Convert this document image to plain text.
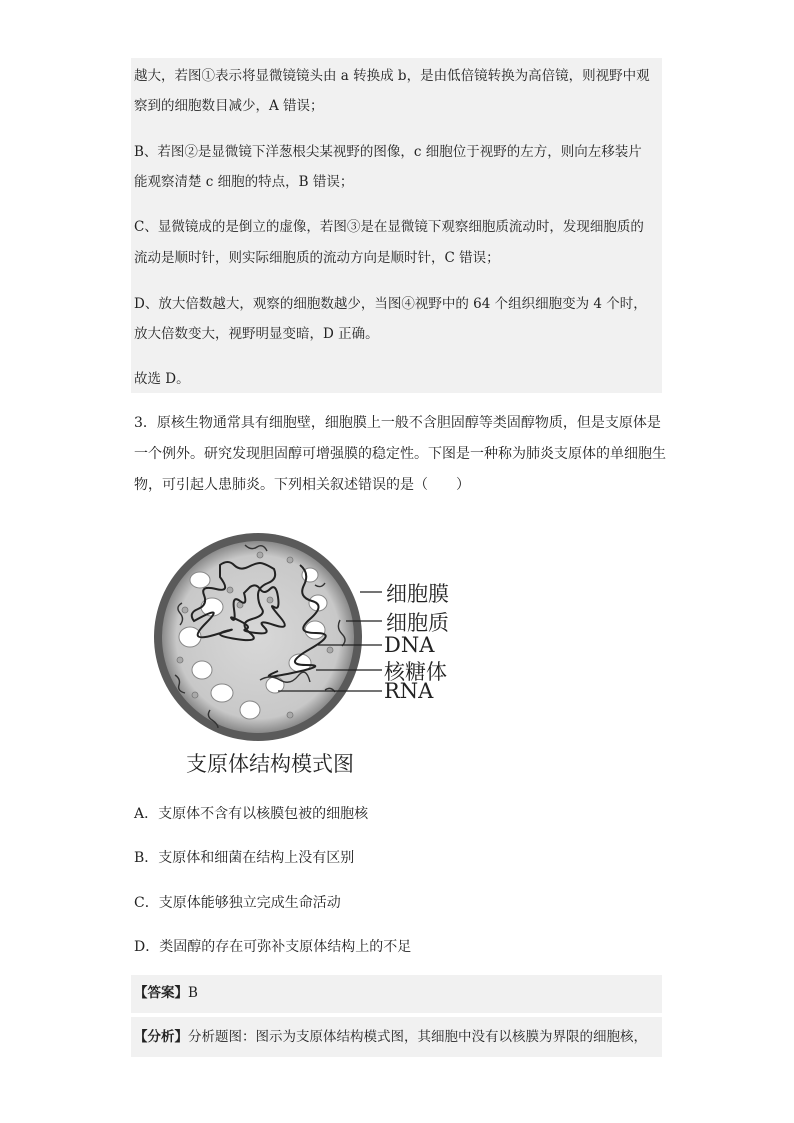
越大，若图①表示将显微镜镜头由 a 转换成 b，是由低倍镜转换为高倍镜，则视野中观
察到的细胞数目减少，A 错误；
B、若图②是显微镜下洋葱根尖某视野的图像，c 细胞位于视野的左方，则向左移装片
能观察清楚 c 细胞的特点，B 错误；
C、显微镜成的是倒立的虚像，若图③是在显微镜下观察细胞质流动时，发现细胞质的
流动是顺时针，则实际细胞质的流动方向是顺时针，C 错误；
D、放大倍数越大，观察的细胞数越少，当图④视野中的 64 个组织细胞变为 4 个时，
放大倍数变大，视野明显变暗，D 正确。
故选 D。
3．原核生物通常具有细胞壁，细胞膜上一般不含胆固醇等类固醇物质，但是支原体是
一个例外。研究发现胆固醇可增强膜的稳定性。下图是一种称为肺炎支原体的单细胞生
物，可引起人患肺炎。下列相关叙述错误的是（　　）
细胞膜
细胞质
DNA
核糖体
RNA
支原体结构模式图
A．支原体不含有以核膜包被的细胞核
B．支原体和细菌在结构上没有区别
C．支原体能够独立完成生命活动
D．类固醇的存在可弥补支原体结构上的不足
【答案】B
【分析】分析题图：图示为支原体结构模式图，其细胞中没有以核膜为界限的细胞核，
